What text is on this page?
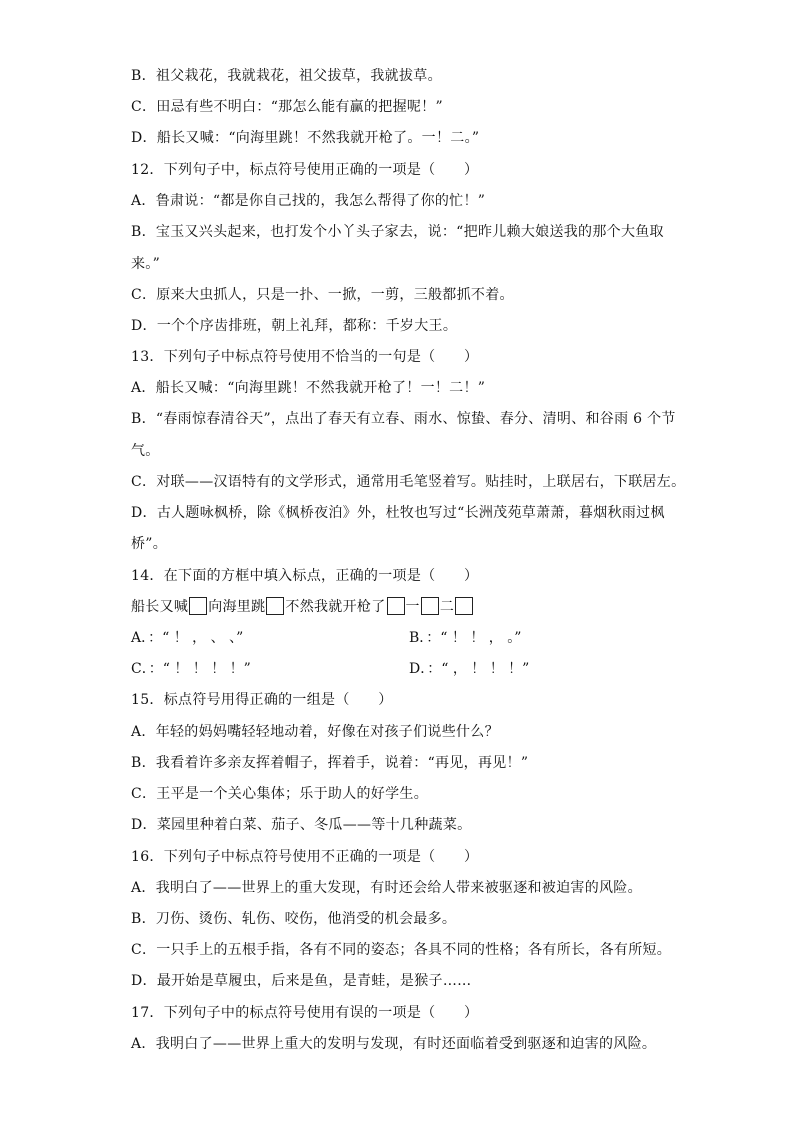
B．祖父栽花，我就栽花，祖父拔草，我就拔草。
C．田忌有些不明白：“那怎么能有赢的把握呢！”
D．船长又喊：“向海里跳！不然我就开枪了。一！二。”
12．下列句子中，标点符号使用正确的一项是（　　）
A．鲁肃说：“都是你自己找的，我怎么帮得了你的忙！”
B．宝玉又兴头起来，也打发个小丫头子家去，说：“把昨儿赖大娘送我的那个大鱼取
来。”
C．原来大虫抓人，只是一扑、一掀，一剪，三般都抓不着。
D．一个个序齿排班，朝上礼拜，都称：千岁大王。
13．下列句子中标点符号使用不恰当的一句是（　　）
A．船长又喊：“向海里跳！不然我就开枪了！一！二！”
B．“春雨惊春清谷天”，点出了春天有立春、雨水、惊蛰、春分、清明、和谷雨 6 个节
气。
C．对联——汉语特有的文学形式，通常用毛笔竖着写。贴挂时，上联居右，下联居左。
D．古人题咏枫桥，除《枫桥夜泊》外，杜牧也写过“长洲茂苑草萧萧，暮烟秋雨过枫
桥”。
14．在下面的方框中填入标点，正确的一项是（　　）
船长又喊 向海里跳 不然我就开枪了 一 二
A．：“ ！ ， 、 、”	B．：“ ！ ！ ， 。”
C．：“ ！ ！ ！ ！”	D．：“ ， ！ ！ ！”
15．标点符号用得正确的一组是（　　）
A．年轻的妈妈嘴轻轻地动着，好像在对孩子们说些什么？
B．我看着许多亲友挥着帽子，挥着手，说着：“再见，再见！”
C．王平是一个关心集体；乐于助人的好学生。
D．菜园里种着白菜、茄子、冬瓜——等十几种蔬菜。
16．下列句子中标点符号使用不正确的一项是（　　）
A．我明白了——世界上的重大发现，有时还会给人带来被驱逐和被迫害的风险。
B．刀伤、烫伤、轧伤、咬伤，他消受的机会最多。
C．一只手上的五根手指，各有不同的姿态；各具不同的性格；各有所长，各有所短。
D．最开始是草履虫，后来是鱼，是青蛙，是猴子……
17．下列句子中的标点符号使用有误的一项是（　　）
A．我明白了——世界上重大的发明与发现，有时还面临着受到驱逐和迫害的风险。
